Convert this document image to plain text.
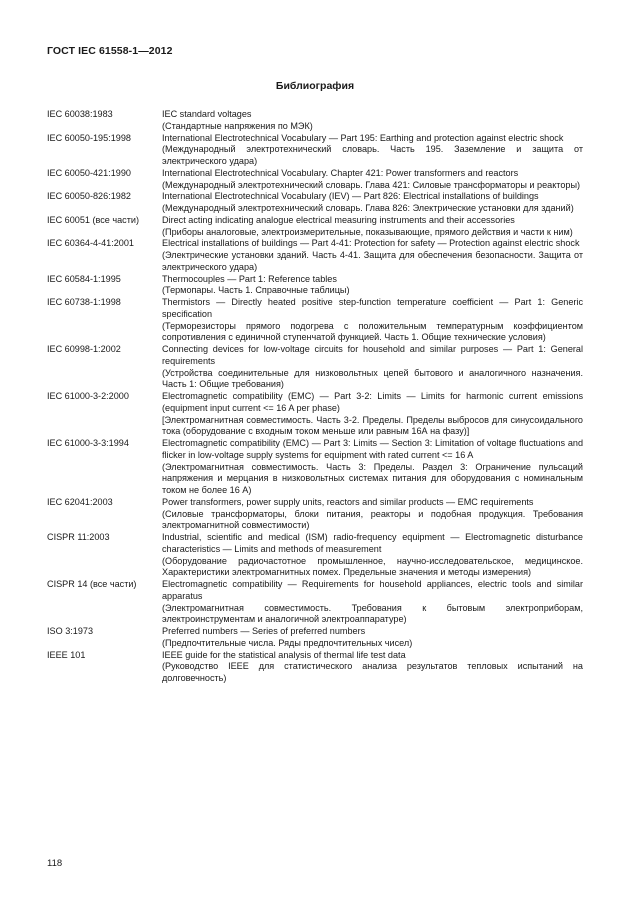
ГОСТ IEC 61558-1—2012
Библиография
IEC 60038:1983	IEC standard voltages
(Стандартные напряжения по МЭК)
IEC 60050-195:1998	International Electrotechnical Vocabulary — Part 195: Earthing and protection against electric shock
(Международный электротехнический словарь. Часть 195. Заземление и защита от электрического удара)
IEC 60050-421:1990	International Electrotechnical Vocabulary. Chapter 421: Power transformers and reactors
(Международный электротехнический словарь. Глава 421: Силовые трансформаторы и реакторы)
IEC 60050-826:1982	International Electrotechnical Vocabulary (IEV) — Part 826: Electrical installations of buildings
(Международный электротехнический словарь. Глава 826: Электрические установки для зданий)
IEC 60051 (все части)	Direct acting indicating analogue electrical measuring instruments and their accessories
(Приборы аналоговые, электроизмерительные, показывающие, прямого действия и части к ним)
IEC 60364-4-41:2001	Electrical installations of buildings — Part 4-41: Protection for safety — Protection against electric shock
(Электрические установки зданий. Часть 4-41. Защита для обеспечения безопасности. Защита от электрического удара)
IEC 60584-1:1995	Thermocouples — Part 1: Reference tables
(Термопары. Часть 1. Справочные таблицы)
IEC 60738-1:1998	Thermistors — Directly heated positive step-function temperature coefficient — Part 1: Generic specification
(Терморезисторы прямого подогрева с положительным температурным коэффициентом сопротивления с единичной ступенчатой функцией. Часть 1. Общие технические условия)
IEC 60998-1:2002	Connecting devices for low-voltage circuits for household and similar purposes — Part 1: General requirements
(Устройства соединительные для низковольтных цепей бытового и аналогичного назначения. Часть 1: Общие требования)
IEC 61000-3-2:2000	Electromagnetic compatibility (EMC) — Part 3-2: Limits — Limits for harmonic current emissions (equipment input current <= 16 A per phase)
[Электромагнитная совместимость. Часть 3-2. Пределы. Пределы выбросов для синусоидального тока (оборудование с входным током меньше или равным 16А на фазу)]
IEC 61000-3-3:1994	Electromagnetic compatibility (EMC) — Part 3: Limits — Section 3: Limitation of voltage fluctuations and flicker in low-voltage supply systems for equipment with rated current <= 16 A
(Электромагнитная совместимость. Часть 3: Пределы. Раздел 3: Ограничение пульсаций напряжения и мерцания в низковольтных системах питания для оборудования с номинальным током не более 16 А)
IEC 62041:2003	Power transformers, power supply units, reactors and similar products — EMC requirements
(Силовые трансформаторы, блоки питания, реакторы и подобная продукция. Требования электромагнитной совместимости)
CISPR 11:2003	Industrial, scientific and medical (ISM) radio-frequency equipment — Electromagnetic disturbance characteristics — Limits and methods of measurement
(Оборудование радиочастотное промышленное, научно-исследовательское, медицинское. Характеристики электромагнитных помех. Предельные значения и методы измерения)
CISPR 14 (все части)	Electromagnetic compatibility — Requirements for household appliances, electric tools and similar apparatus
(Электромагнитная совместимость. Требования к бытовым электроприборам, электроинструментам и аналогичной электроаппаратуре)
ISO 3:1973	Preferred numbers — Series of preferred numbers
(Предпочтительные числа. Ряды предпочтительных чисел)
IEEE 101	IEEE guide for the statistical analysis of thermal life test data
(Руководство IEEE для статистического анализа результатов тепловых испытаний на долговечность)
118
